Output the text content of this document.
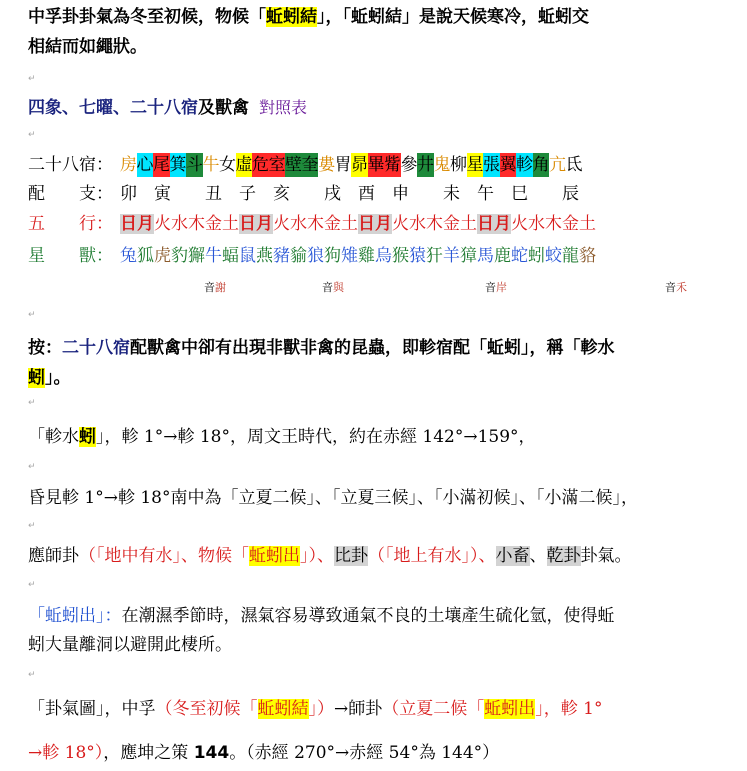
中孚卦卦氣為冬至初候，物候「蚯蚓結」，「蚯蚓結」是說天候寒冷，蚯蚓交
相結而如繩狀。
↵
四象、七曜、二十八宿及獸禽 對照表
↵
二十八宿： 房心尾箕斗牛女虛危室壁奎婁胃昴畢觜參井鬼柳星張翼軫角亢氐
配　　支： 卯　寅　　丑　子　亥　　戌　酉　申　　未　午　巳　　辰
五　　行： 日月火水木金土日月火水木金土日月火水木金土日月火水木金土
星　　獸： 兔狐虎豹獬牛蝠鼠燕豬貐狼狗雉雞烏猴猿犴羊獐馬鹿蛇蚓蛟龍貉
音謝	音與	音岸	音禾
↵
按：二十八宿配獸禽中卻有出現非獸非禽的昆蟲，即軫宿配「蚯蚓」，稱「軫水
蚓」。
↵
「軫水蚓」，軫 1°→軫 18°，周文王時代，約在赤經 142°→159°，
↵
昏見軫 1°→軫 18°南中為「立夏二候」、「立夏三候」、「小滿初候」、「小滿二候」，
↵
應師卦（「地中有水」、物候「蚯蚓出」）、比卦（「地上有水」）、小畜、乾卦卦氣。
↵
「蚯蚓出」：在潮濕季節時，濕氣容易導致通氣不良的土壤產生硫化氫，使得蚯
蚓大量離洞以避開此棲所。
↵
「卦氣圖」，中孚（冬至初候「蚯蚓結」）→師卦（立夏二候「蚯蚓出」，軫 1°
→軫 18°），應坤之策 144。（赤經 270°→赤經 54°為 144°）
